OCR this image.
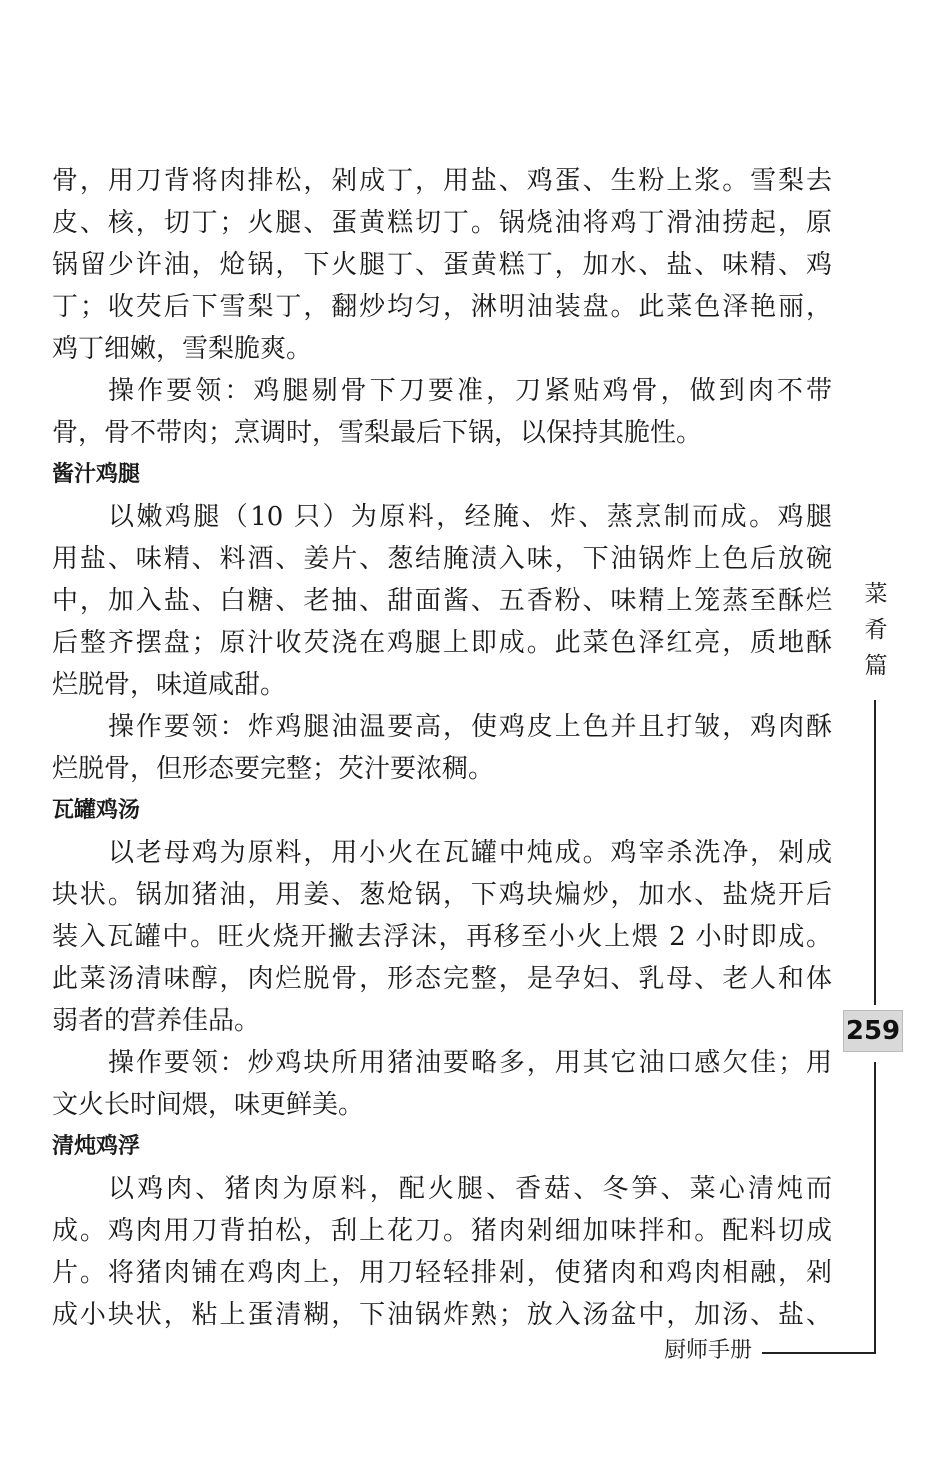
骨，用刀背将肉排松，剁成丁，用盐、鸡蛋、生粉上浆。雪梨去
皮、核，切丁；火腿、蛋黄糕切丁。锅烧油将鸡丁滑油捞起，原
锅留少许油，炝锅，下火腿丁、蛋黄糕丁，加水、盐、味精、鸡
丁；收芡后下雪梨丁，翻炒均匀，淋明油装盘。此菜色泽艳丽，
鸡丁细嫩，雪梨脆爽。
操作要领：鸡腿剔骨下刀要准，刀紧贴鸡骨，做到肉不带
骨，骨不带肉；烹调时，雪梨最后下锅，以保持其脆性。
酱汁鸡腿
以嫩鸡腿（10 只）为原料，经腌、炸、蒸烹制而成。鸡腿
用盐、味精、料酒、姜片、葱结腌渍入味，下油锅炸上色后放碗
中，加入盐、白糖、老抽、甜面酱、五香粉、味精上笼蒸至酥烂
后整齐摆盘；原汁收芡浇在鸡腿上即成。此菜色泽红亮，质地酥
烂脱骨，味道咸甜。
操作要领：炸鸡腿油温要高，使鸡皮上色并且打皱，鸡肉酥
烂脱骨，但形态要完整；芡汁要浓稠。
瓦罐鸡汤
以老母鸡为原料，用小火在瓦罐中炖成。鸡宰杀洗净，剁成
块状。锅加猪油，用姜、葱炝锅，下鸡块煸炒，加水、盐烧开后
装入瓦罐中。旺火烧开撇去浮沫，再移至小火上煨 2 小时即成。
此菜汤清味醇，肉烂脱骨，形态完整，是孕妇、乳母、老人和体
弱者的营养佳品。
操作要领：炒鸡块所用猪油要略多，用其它油口感欠佳；用
文火长时间煨，味更鲜美。
清炖鸡浮
以鸡肉、猪肉为原料，配火腿、香菇、冬笋、菜心清炖而
成。鸡肉用刀背拍松，刮上花刀。猪肉剁细加味拌和。配料切成
片。将猪肉铺在鸡肉上，用刀轻轻排剁，使猪肉和鸡肉相融，剁
成小块状，粘上蛋清糊，下油锅炸熟；放入汤盆中，加汤、盐、
菜肴篇
259
厨师手册
